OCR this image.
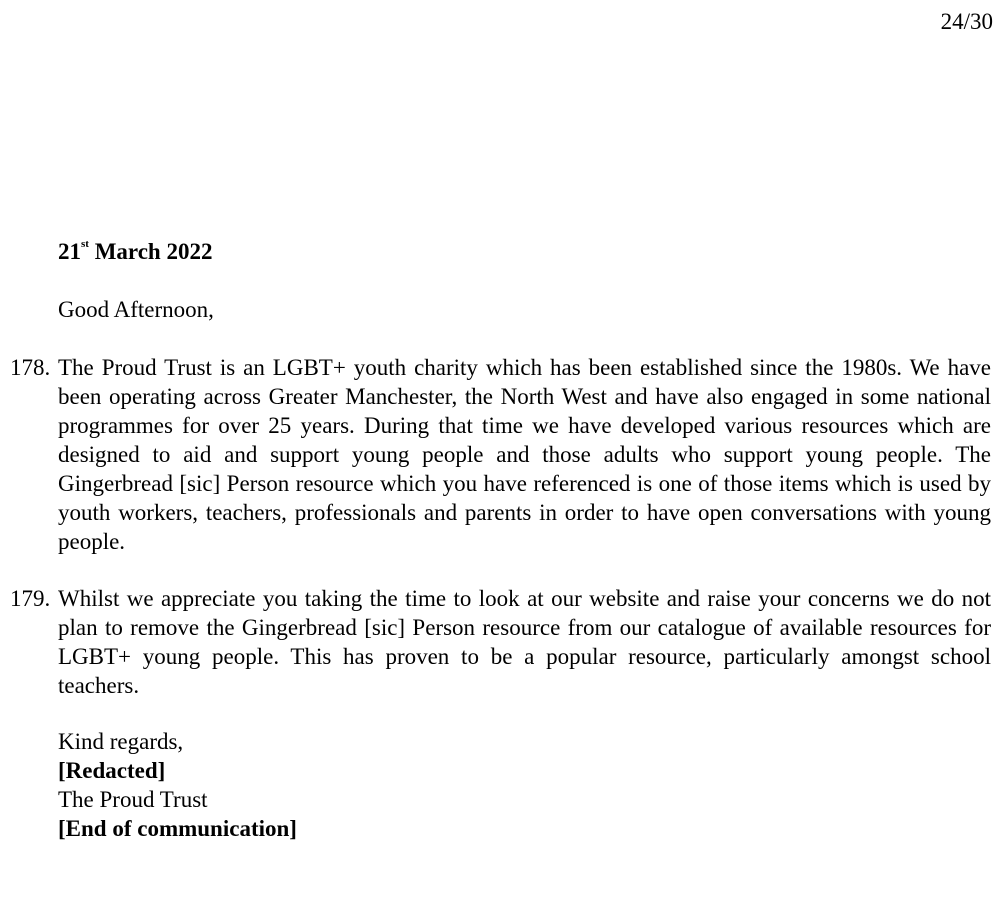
24/30
21st March 2022
Good Afternoon,
178. The Proud Trust is an LGBT+ youth charity which has been established since the 1980s. We have been operating across Greater Manchester, the North West and have also engaged in some national programmes for over 25 years. During that time we have developed various resources which are designed to aid and support young people and those adults who support young people. The Gingerbread [sic] Person resource which you have referenced is one of those items which is used by youth workers, teachers, professionals and parents in order to have open conversations with young people.
179. Whilst we appreciate you taking the time to look at our website and raise your concerns we do not plan to remove the Gingerbread [sic] Person resource from our catalogue of available resources for LGBT+ young people. This has proven to be a popular resource, particularly amongst school teachers.
Kind regards,
[Redacted]
The Proud Trust
[End of communication]
